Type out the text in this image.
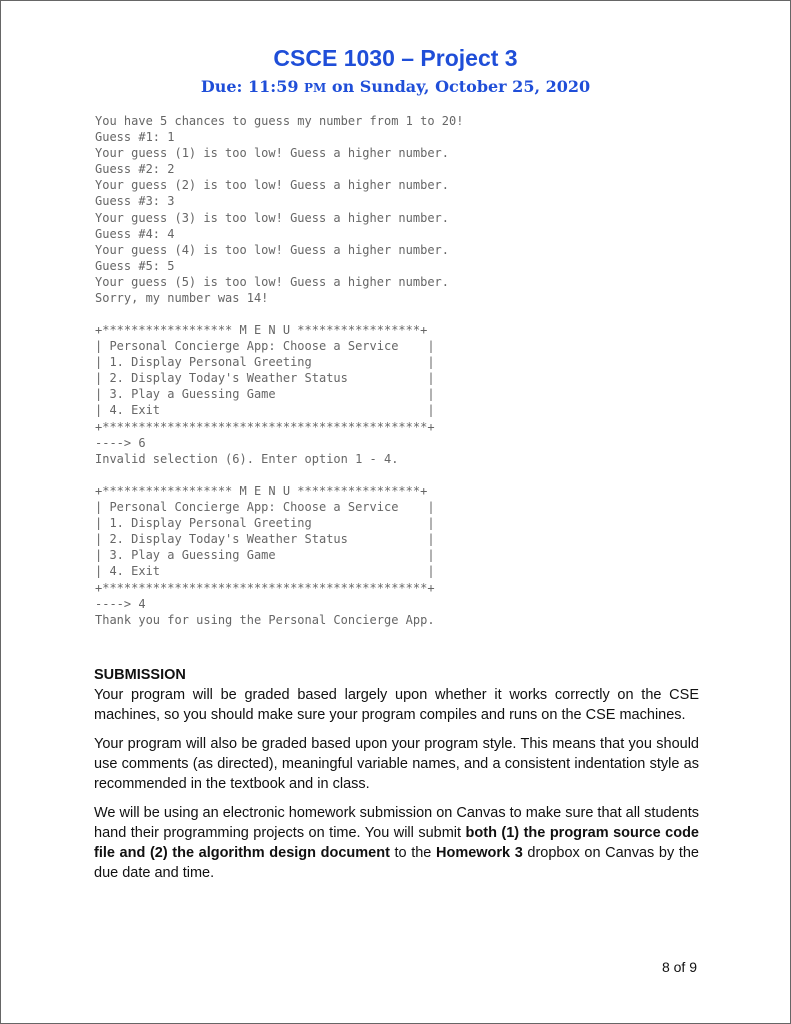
CSCE 1030 – Project 3
Due: 11:59 PM on Sunday, October 25, 2020
You have 5 chances to guess my number from 1 to 20!
Guess #1: 1
Your guess (1) is too low! Guess a higher number.
Guess #2: 2
Your guess (2) is too low! Guess a higher number.
Guess #3: 3
Your guess (3) is too low! Guess a higher number.
Guess #4: 4
Your guess (4) is too low! Guess a higher number.
Guess #5: 5
Your guess (5) is too low! Guess a higher number.
Sorry, my number was 14!
+****************** M E N U *****************+
| Personal Concierge App: Choose a Service    |
| 1. Display Personal Greeting                |
| 2. Display Today's Weather Status           |
| 3. Play a Guessing Game                     |
| 4. Exit                                     |
+*********************************************+
----> 6
Invalid selection (6). Enter option 1 - 4.
+****************** M E N U *****************+
| Personal Concierge App: Choose a Service    |
| 1. Display Personal Greeting                |
| 2. Display Today's Weather Status           |
| 3. Play a Guessing Game                     |
| 4. Exit                                     |
+*********************************************+
----> 4
Thank you for using the Personal Concierge App.
SUBMISSION

Your program will be graded based largely upon whether it works correctly on the CSE machines, so you should make sure your program compiles and runs on the CSE machines.

Your program will also be graded based upon your program style. This means that you should use comments (as directed), meaningful variable names, and a consistent indentation style as recommended in the textbook and in class.

We will be using an electronic homework submission on Canvas to make sure that all students hand their programming projects on time. You will submit both (1) the program source code file and (2) the algorithm design document to the Homework 3 dropbox on Canvas by the due date and time.

8 of 9
